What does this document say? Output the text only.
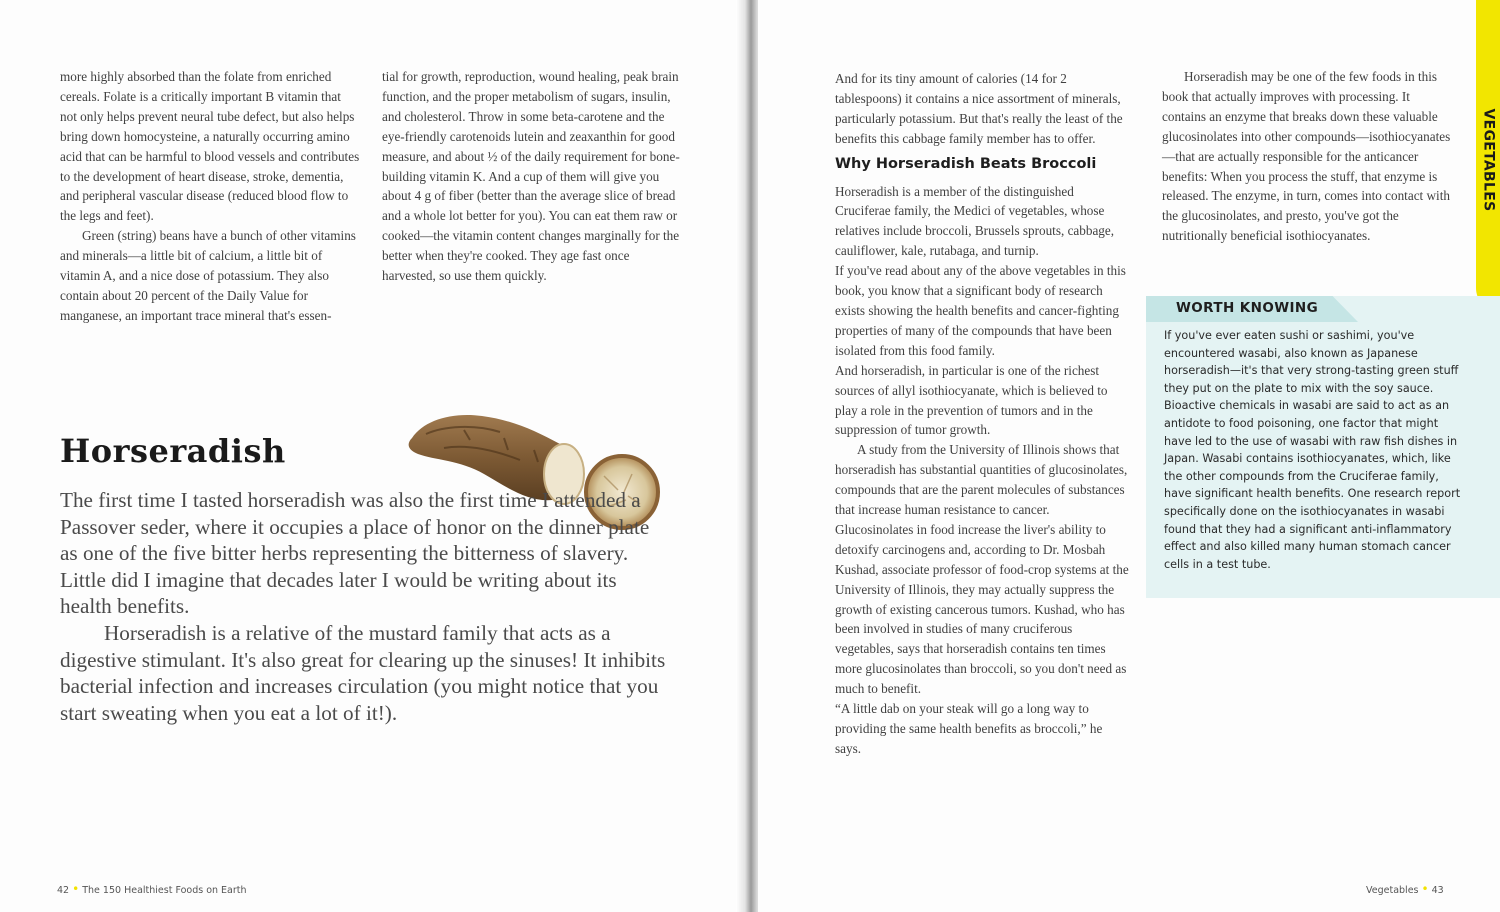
more highly absorbed than the folate from enriched cereals. Folate is a critically important B vitamin that not only helps prevent neural tube defect, but also helps bring down homocysteine, a naturally occurring amino acid that can be harmful to blood vessels and contributes to the development of heart disease, stroke, dementia, and peripheral vascular disease (reduced blood flow to the legs and feet).

Green (string) beans have a bunch of other vitamins and minerals—a little bit of calcium, a little bit of vitamin A, and a nice dose of potassium. They also contain about 20 percent of the Daily Value for manganese, an important trace mineral that's essen-

tial for growth, reproduction, wound healing, peak brain function, and the proper metabolism of sugars, insulin, and cholesterol. Throw in some beta-carotene and the eye-friendly carotenoids lutein and zeaxanthin for good measure, and about ½ of the daily requirement for bone-building vitamin K. And a cup of them will give you about 4 g of fiber (better than the average slice of bread and a whole lot better for you). You can eat them raw or cooked—the vitamin content changes marginally for the better when they're cooked. They age fast once harvested, so use them quickly.

Horseradish

The first time I tasted horseradish was also the first time I attended a Passover seder, where it occupies a place of honor on the dinner plate as one of the five bitter herbs representing the bitterness of slavery. Little did I imagine that decades later I would be writing about its health benefits.

Horseradish is a relative of the mustard family that acts as a digestive stimulant. It's also great for clearing up the sinuses! It inhibits bacterial infection and increases circulation (you might notice that you start sweating when you eat a lot of it!).

42 • The 150 Healthiest Foods on Earth

And for its tiny amount of calories (14 for 2 tablespoons) it contains a nice assortment of minerals, particularly potassium. But that's really the least of the benefits this cabbage family member has to offer.

Why Horseradish Beats Broccoli

Horseradish is a member of the distinguished Cruciferae family, the Medici of vegetables, whose relatives include broccoli, Brussels sprouts, cabbage, cauliflower, kale, rutabaga, and turnip.

If you've read about any of the above vegetables in this book, you know that a significant body of research exists showing the health benefits and cancer-fighting properties of many of the compounds that have been isolated from this food family.

And horseradish, in particular is one of the richest sources of allyl isothiocyanate, which is believed to play a role in the prevention of tumors and in the suppression of tumor growth.

A study from the University of Illinois shows that horseradish has substantial quantities of glucosinolates, compounds that are the parent molecules of substances that increase human resistance to cancer. Glucosinolates in food increase the liver's ability to detoxify carcinogens and, according to Dr. Mosbah Kushad, associate professor of food-crop systems at the University of Illinois, they may actually suppress the growth of existing cancerous tumors. Kushad, who has been involved in studies of many cruciferous vegetables, says that horseradish contains ten times more glucosinolates than broccoli, so you don't need as much to benefit.

“A little dab on your steak will go a long way to providing the same health benefits as broccoli,” he says.

Horseradish may be one of the few foods in this book that actually improves with processing. It contains an enzyme that breaks down these valuable glucosinolates into other compounds—isothiocyanates—that are actually responsible for the anticancer benefits: When you process the stuff, that enzyme is released. The enzyme, in turn, comes into contact with the glucosinolates, and presto, you've got the nutritionally beneficial isothiocyanates.

VEGETABLES
WORTH KNOWING

If you've ever eaten sushi or sashimi, you've encountered wasabi, also known as Japanese horseradish—it's that very strong-tasting green stuff they put on the plate to mix with the soy sauce. Bioactive chemicals in wasabi are said to act as an antidote to food poisoning, one factor that might have led to the use of wasabi with raw fish dishes in Japan. Wasabi contains isothiocyanates, which, like the other compounds from the Cruciferae family, have significant health benefits. One research report specifically done on the isothiocyanates in wasabi found that they had a significant anti-inflammatory effect and also killed many human stomach cancer cells in a test tube.

Vegetables • 43
